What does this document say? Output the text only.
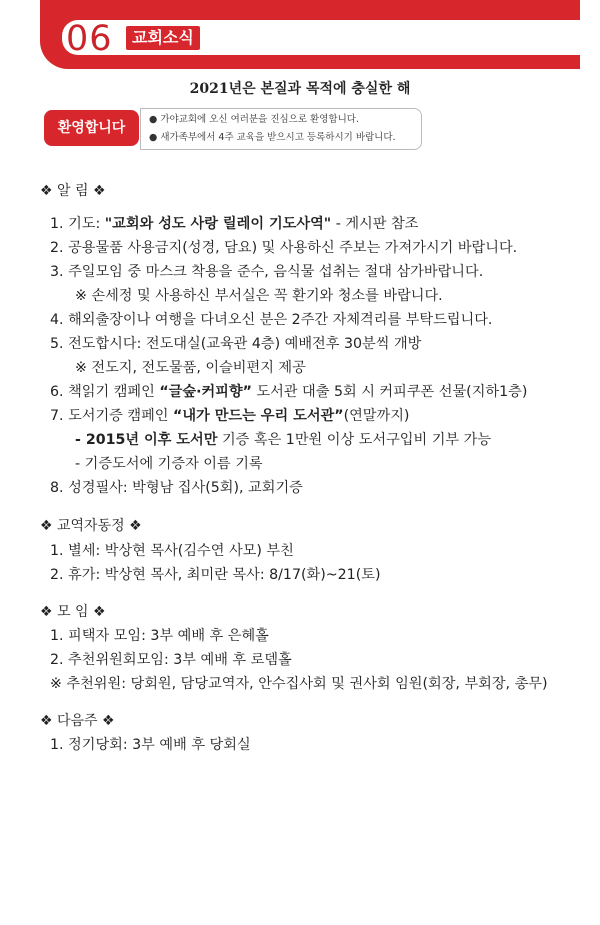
06	교회소식
2021년은 본질과 목적에 충실한 해
환영합니다
● 가야교회에 오신 여러분을 진심으로 환영합니다.
● 새가족부에서 4주 교육을 받으시고 등록하시기 바랍니다.
❖ 알 림 ❖
1. 기도: "교회와 성도 사랑 릴레이 기도사역" - 게시판 참조
2. 공용물품 사용금지(성경, 담요) 및 사용하신 주보는 가져가시기 바랍니다.
3. 주일모임 중 마스크 착용을 준수, 음식물 섭취는 절대 삼가바랍니다.
※ 손세정 및 사용하신 부서실은 꼭 환기와 청소를 바랍니다.
4. 해외출장이나 여행을 다녀오신 분은 2주간 자체격리를 부탁드립니다.
5. 전도합시다: 전도대실(교육관 4층) 예배전후 30분씩 개방
※ 전도지, 전도물품, 이슬비편지 제공
6. 책읽기 캠페인 “글숲·커피향” 도서관 대출 5회 시 커피쿠폰 선물(지하1층)
7. 도서기증 캠페인 “내가 만드는 우리 도서관”(연말까지)
- 2015년 이후 도서만 기증 혹은 1만원 이상 도서구입비 기부 가능
- 기증도서에 기증자 이름 기록
8. 성경필사: 박형남 집사(5회), 교회기증
❖ 교역자동정 ❖
1. 별세: 박상현 목사(김수연 사모) 부친
2. 휴가: 박상현 목사, 최미란 목사: 8/17(화)~21(토)
❖ 모 임 ❖
1. 피택자 모임: 3부 예배 후 은혜홀
2. 추천위원회모임: 3부 예배 후 로뎀홀
※ 추천위원: 당회원, 담당교역자, 안수집사회 및 권사회 임원(회장, 부회장, 총무)
❖ 다음주 ❖
1. 정기당회: 3부 예배 후 당회실
